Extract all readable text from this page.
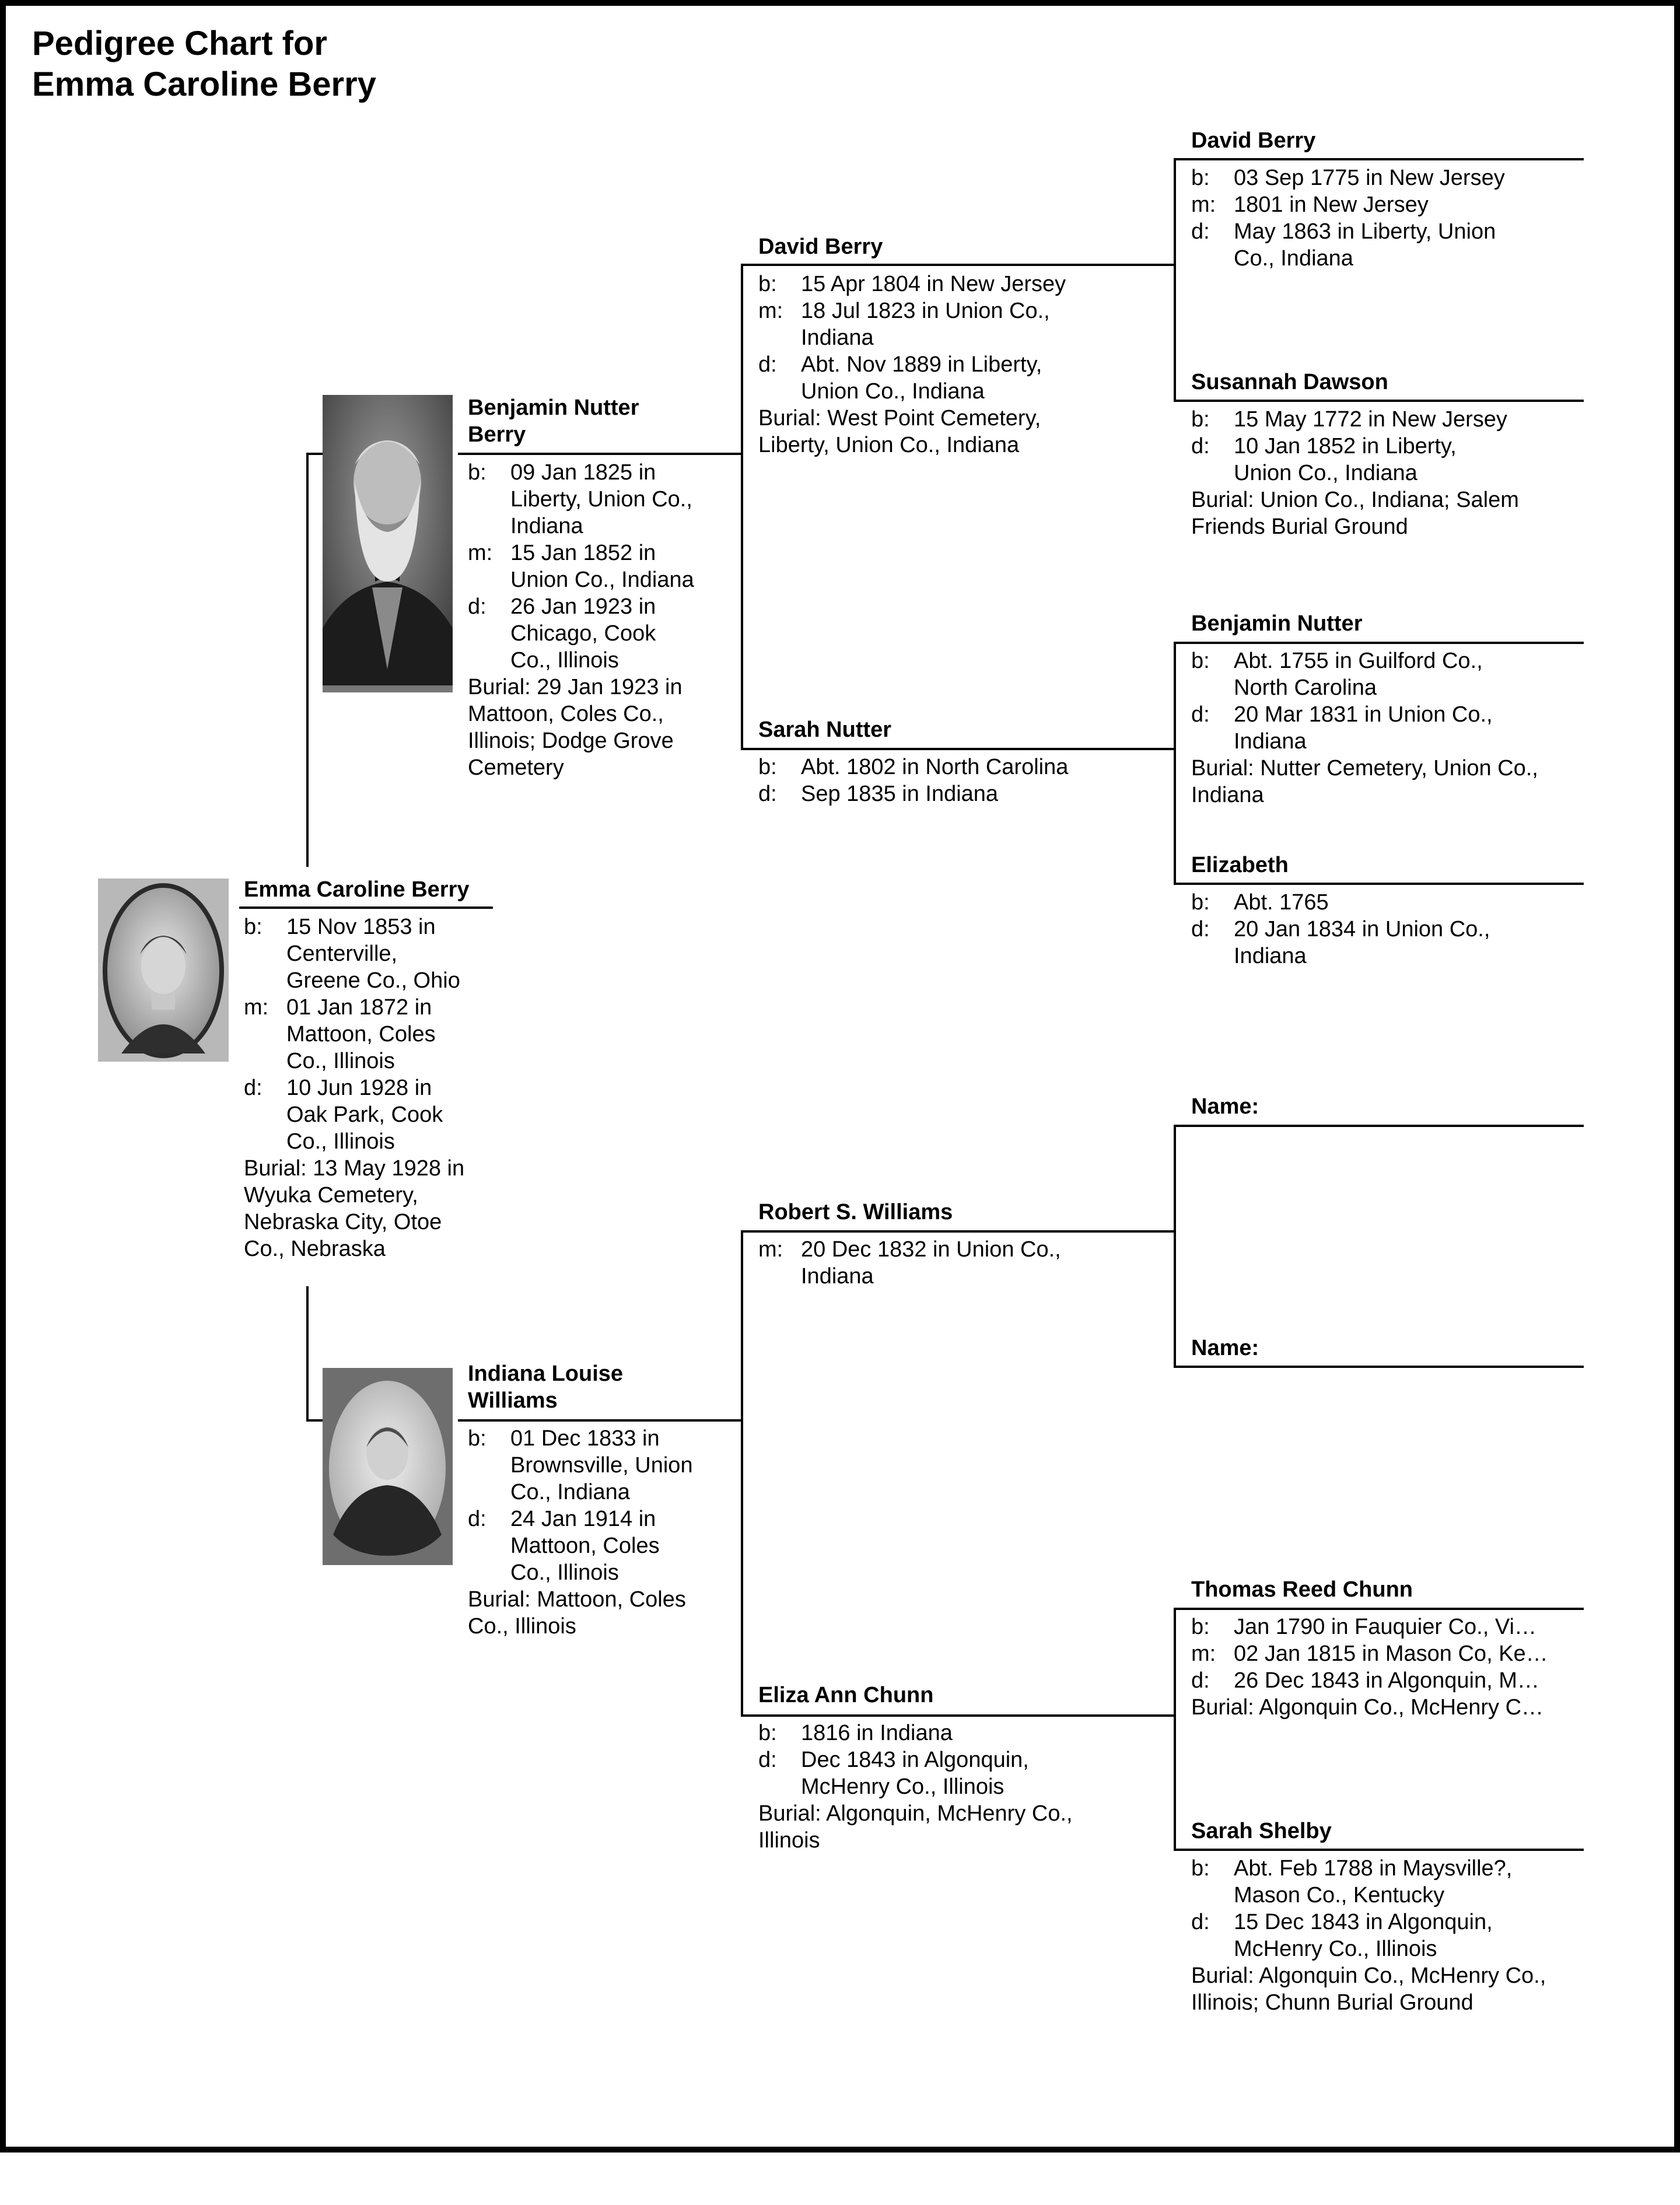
Pedigree Chart for
Emma Caroline Berry
Emma Caroline Berry
b:	15 Nov 1853 in
Centerville,
Greene Co., Ohio
m: 01 Jan 1872 in
Mattoon, Coles
Co., Illinois
d:	10 Jun 1928 in
Oak Park, Cook
Co., Illinois
Burial: 13 May 1928 in
Wyuka Cemetery,
Nebraska City, Otoe
Co., Nebraska
Benjamin Nutter
Berry
b:	09 Jan 1825 in
Liberty, Union Co.,
Indiana
m: 15 Jan 1852 in
Union Co., Indiana
d:	26 Jan 1923 in
Chicago, Cook
Co., Illinois
Burial: 29 Jan 1923 in
Mattoon, Coles Co.,
Illinois; Dodge Grove
Cemetery
Indiana Louise
Williams
b:	01 Dec 1833 in
Brownsville, Union
Co., Indiana
d:	24 Jan 1914 in
Mattoon, Coles
Co., Illinois
Burial: Mattoon, Coles
Co., Illinois
David Berry
b:	15 Apr 1804 in New Jersey
m: 18 Jul 1823 in Union Co.,
Indiana
d:	Abt. Nov 1889 in Liberty,
Union Co., Indiana
Burial: West Point Cemetery,
Liberty, Union Co., Indiana
Sarah Nutter
b:	Abt. 1802 in North Carolina
d:	Sep 1835 in Indiana
Robert S. Williams
m: 20 Dec 1832 in Union Co.,
Indiana
Eliza Ann Chunn
b:	1816 in Indiana
d:	Dec 1843 in Algonquin,
McHenry Co., Illinois
Burial: Algonquin, McHenry Co.,
Illinois
David Berry
b:	03 Sep 1775 in New Jersey
m: 1801 in New Jersey
d:	May 1863 in Liberty, Union
Co., Indiana
Susannah Dawson
b:	15 May 1772 in New Jersey
d:	10 Jan 1852 in Liberty,
Union Co., Indiana
Burial: Union Co., Indiana; Salem
Friends Burial Ground
Benjamin Nutter
b:	Abt. 1755 in Guilford Co.,
North Carolina
d:	20 Mar 1831 in Union Co.,
Indiana
Burial: Nutter Cemetery, Union Co.,
Indiana
Elizabeth
b:	Abt. 1765
d:	20 Jan 1834 in Union Co.,
Indiana
Name:
Name:
Thomas Reed Chunn
b:	Jan 1790 in Fauquier Co., Vi…
m: 02 Jan 1815 in Mason Co, Ke…
d:	26 Dec 1843 in Algonquin, M…
Burial: Algonquin Co., McHenry C…
Sarah Shelby
b:	Abt. Feb 1788 in Maysville?,
Mason Co., Kentucky
d:	15 Dec 1843 in Algonquin,
McHenry Co., Illinois
Burial: Algonquin Co., McHenry Co.,
Illinois; Chunn Burial Ground
